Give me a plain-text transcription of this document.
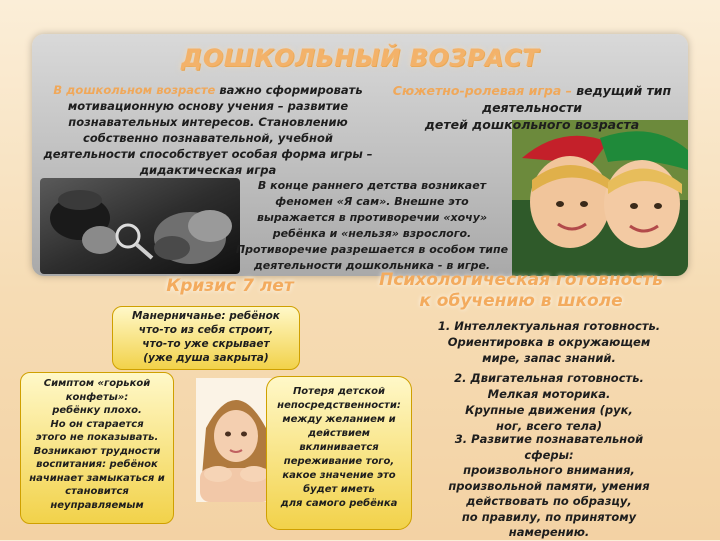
ДОШКОЛЬНЫЙ ВОЗРАСТ
В дошкольном возрасте важно сформировать
мотивационную основу учения – развитие
познавательных интересов. Становлению
собственно познавательной, учебной
деятельности способствует особая форма игры –
дидактическая игра
Сюжетно-ролевая игра – ведущий тип
деятельности
детей дошкольного возраста
В конце раннего детства возникает
феномен «Я сам». Внешне это
выражается в противоречии «хочу»
ребёнка и «нельзя» взрослого.
Противоречие разрешается в особом типе
деятельности дошкольника - в игре.
Кризис 7 лет	Психологическая готовность
к обучению в школе
Манерничанье: ребёнок
что-то из себя строит,
что-то уже скрывает
(уже душа закрыта)
Симптом «горькой
конфеты»:
ребёнку плохо.
Но он старается
этого не показывать.
Возникают трудности
воспитания: ребёнок
начинает замыкаться и
становится
неуправляемым
Потеря детской
непосредственности:
между желанием и
действием вклинивается
переживание того,
какое значение это
будет иметь
для самого ребёнка
1. Интеллектуальная готовность.
Ориентировка в окружающем
мире, запас знаний.
2. Двигательная готовность.
Мелкая моторика.
Крупные движения (рук,
ног, всего тела)
3. Развитие познавательной
сферы:
произвольного внимания,
произвольной памяти, умения
действовать по образцу,
по правилу, по принятому
намерению.
